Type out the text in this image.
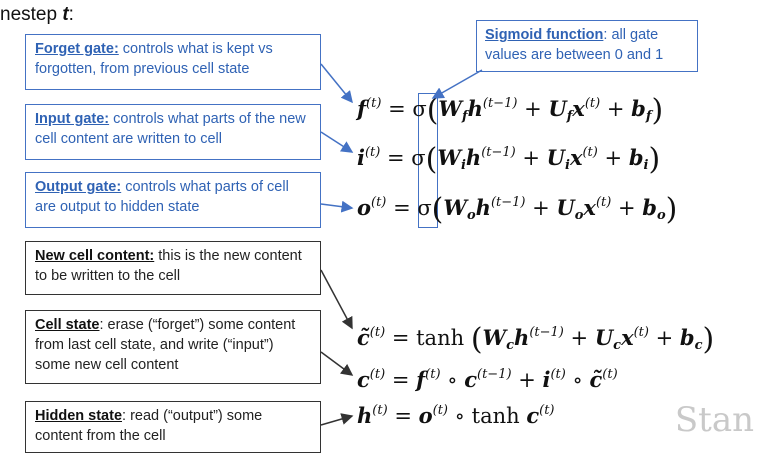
nestep t:
Sigmoid function: all gate values are between 0 and 1
Forget gate: controls what is kept vs forgotten, from previous cell state
Input gate: controls what parts of the new cell content are written to cell
Output gate: controls what parts of cell are output to hidden state
New cell content: this is the new content to be written to the cell
Cell state: erase (“forget”) some content from last cell state, and write (“input”) some new cell content
Hidden state: read (“output”) some content from the cell
$f^{(t)} = \sigma(Wfh^{(t-1)} + Ufx^{(t)} + bf)$
$i^{(t)} = \sigma(Wih^{(t-1)} + Uix^{(t)} + bi)$
$o^{(t)} = \sigma(Woh^{(t-1)} + Uox^{(t)} + bo)$
c̃$^{(t)}$ = tanh (Wch$^{(t-1)}$ + Ucx$^{(t)}$ + bc)
$c^{(t)} = f^{(t)}$ ∘ $c^{(t-1)} + i^{(t)}$ ∘ c̃$^{(t)}$
$h^{(t)} = o^{(t)}$ ∘ $\tanh c^{(t)}$	Stan
